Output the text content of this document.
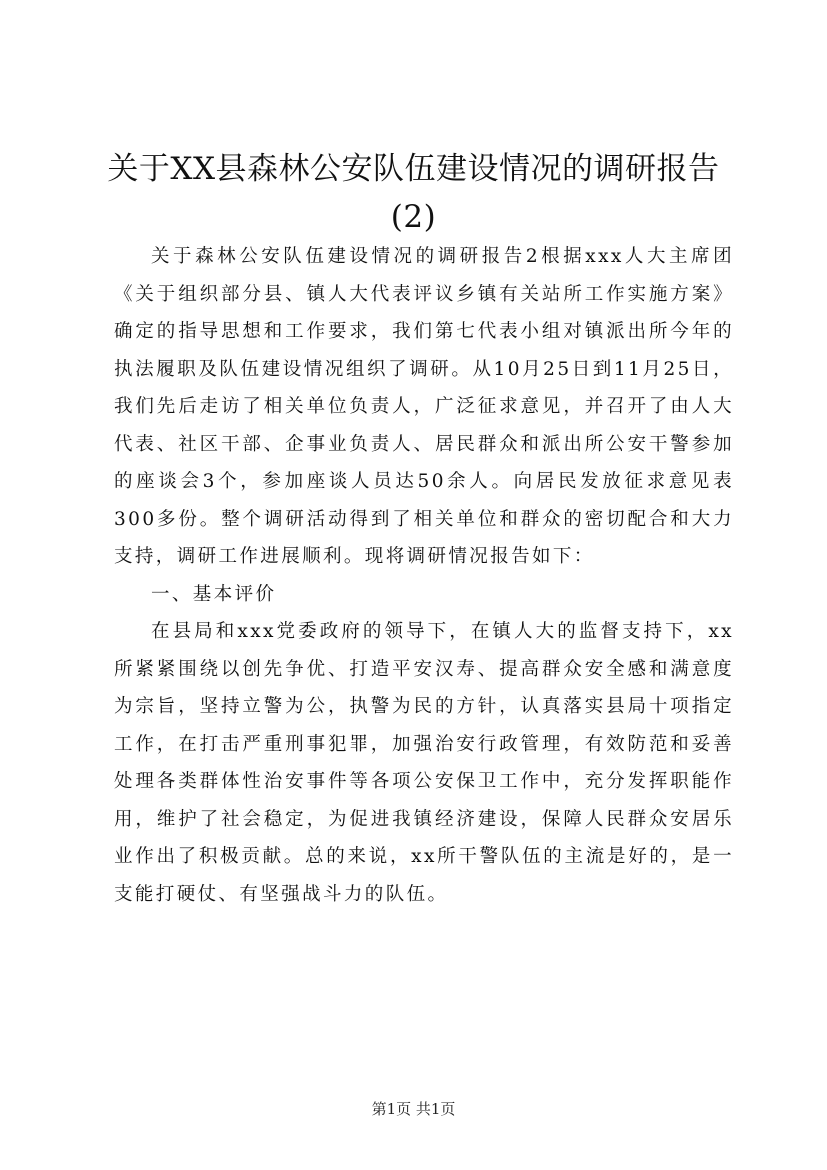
关于XX县森林公安队伍建设情况的调研报告(2)

关于森林公安队伍建设情况的调研报告2根据xxx人大主席团《关于组织部分县、镇人大代表评议乡镇有关站所工作实施方案》确定的指导思想和工作要求，我们第七代表小组对镇派出所今年的执法履职及队伍建设情况组织了调研。从10月25日到11月25日，我们先后走访了相关单位负责人，广泛征求意见，并召开了由人大代表、社区干部、企事业负责人、居民群众和派出所公安干警参加的座谈会3个，参加座谈人员达50余人。向居民发放征求意见表300多份。整个调研活动得到了相关单位和群众的密切配合和大力支持，调研工作进展顺利。现将调研情况报告如下：

一、基本评价

在县局和xxx党委政府的领导下，在镇人大的监督支持下，xx所紧紧围绕以创先争优、打造平安汉寿、提高群众安全感和满意度为宗旨，坚持立警为公，执警为民的方针，认真落实县局十项指定工作，在打击严重刑事犯罪，加强治安行政管理，有效防范和妥善处理各类群体性治安事件等各项公安保卫工作中，充分发挥职能作用，维护了社会稳定，为促进我镇经济建设，保障人民群众安居乐业作出了积极贡献。总的来说，xx所干警队伍的主流是好的，是一支能打硬仗、有坚强战斗力的队伍。

第1页 共1页
